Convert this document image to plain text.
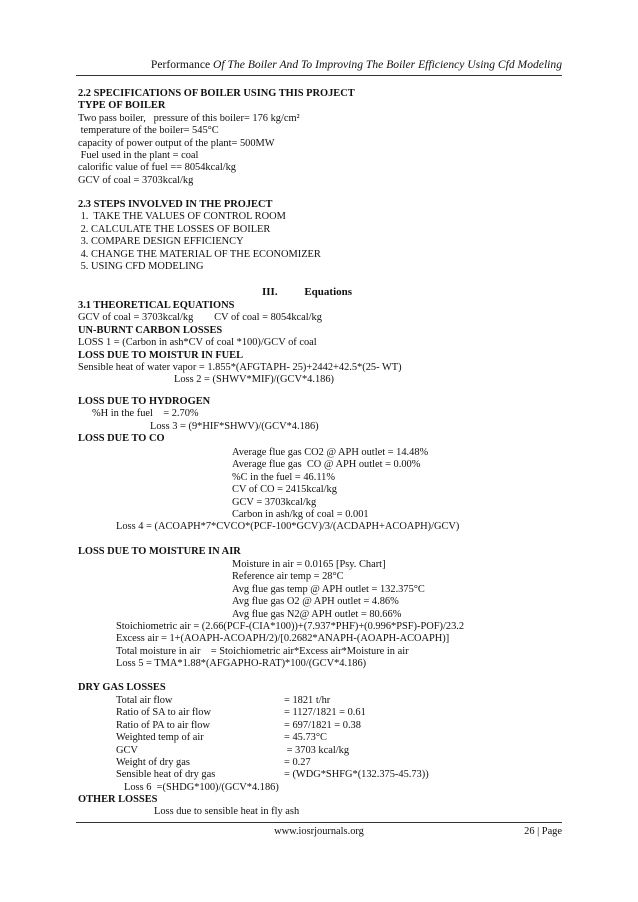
Performance Of The Boiler And To Improving The Boiler Efficiency Using Cfd Modeling
2.2 SPECIFICATIONS OF BOILER USING THIS PROJECT
TYPE OF BOILER
Two pass boiler,   pressure of this boiler= 176 kg/cm²
temperature of the boiler= 545°C
capacity of power output of the plant= 500MW
Fuel used in the plant = coal
calorific value of fuel == 8054kcal/kg
GCV of coal = 3703kcal/kg
2.3 STEPS INVOLVED IN THE PROJECT
1.  TAKE THE VALUES OF CONTROL ROOM
2. CALCULATE THE LOSSES OF BOILER
3. COMPARE DESIGN EFFICIENCY
4. CHANGE THE MATERIAL OF THE ECONOMIZER
5. USING CFD MODELING
III. Equations
3.1 THEORETICAL EQUATIONS
GCV of coal = 3703kcal/kg        CV of coal = 8054kcal/kg
UN-BURNT CARBON LOSSES
LOSS 1 = (Carbon in ash*CV of coal *100)/GCV of coal
LOSS DUE TO MOISTUR IN FUEL
Sensible heat of water vapor = 1.855*(AFGTAPH- 25)+2442+42.5*(25- WT)
Loss 2 = (SHWV*MIF)/(GCV*4.186)
LOSS DUE TO HYDROGEN
%H in the fuel    = 2.70%
Loss 3 = (9*HIF*SHWV)/(GCV*4.186)
LOSS DUE TO CO
Average flue gas CO2 @ APH outlet = 14.48%
Average flue gas  CO @ APH outlet = 0.00%
%C in the fuel = 46.11%
CV of CO = 2415kcal/kg
GCV = 3703kcal/kg
Carbon in ash/kg of coal = 0.001
Loss 4 = (ACOAPH*7*CVCO*(PCF-100*GCV)/3/(ACDAPH+ACOAPH)/GCV)
LOSS DUE TO MOISTURE IN AIR
Moisture in air = 0.0165 [Psy. Chart]
Reference air temp = 28°C
Avg flue gas temp @ APH outlet = 132.375°C
Avg flue gas O2 @ APH outlet = 4.86%
Avg flue gas N2@ APH outlet = 80.66%
Stoichiometric air = (2.66(PCF-(CIA*100))+(7.937*PHF)+(0.996*PSF)-POF)/23.2
Excess air = 1+(AOAPH-ACOAPH/2)/[0.2682*ANAPH-(AOAPH-ACOAPH)]
Total moisture in air    = Stoichiometric air*Excess air*Moisture in air
Loss 5 = TMA*1.88*(AFGAPHO-RAT)*100/(GCV*4.186)
DRY GAS LOSSES
Total air flow	= 1821 t/hr
Ratio of SA to air flow	= 1127/1821 = 0.61
Ratio of PA to air flow	= 697/1821 = 0.38
Weighted temp of air	= 45.73°C
GCV	= 3703 kcal/kg
Weight of dry gas	= 0.27
Sensible heat of dry gas	= (WDG*SHFG*(132.375-45.73))
Loss 6  =(SHDG*100)/(GCV*4.186)
OTHER LOSSES
Loss due to sensible heat in fly ash
www.iosrjournals.org	26 | Page
